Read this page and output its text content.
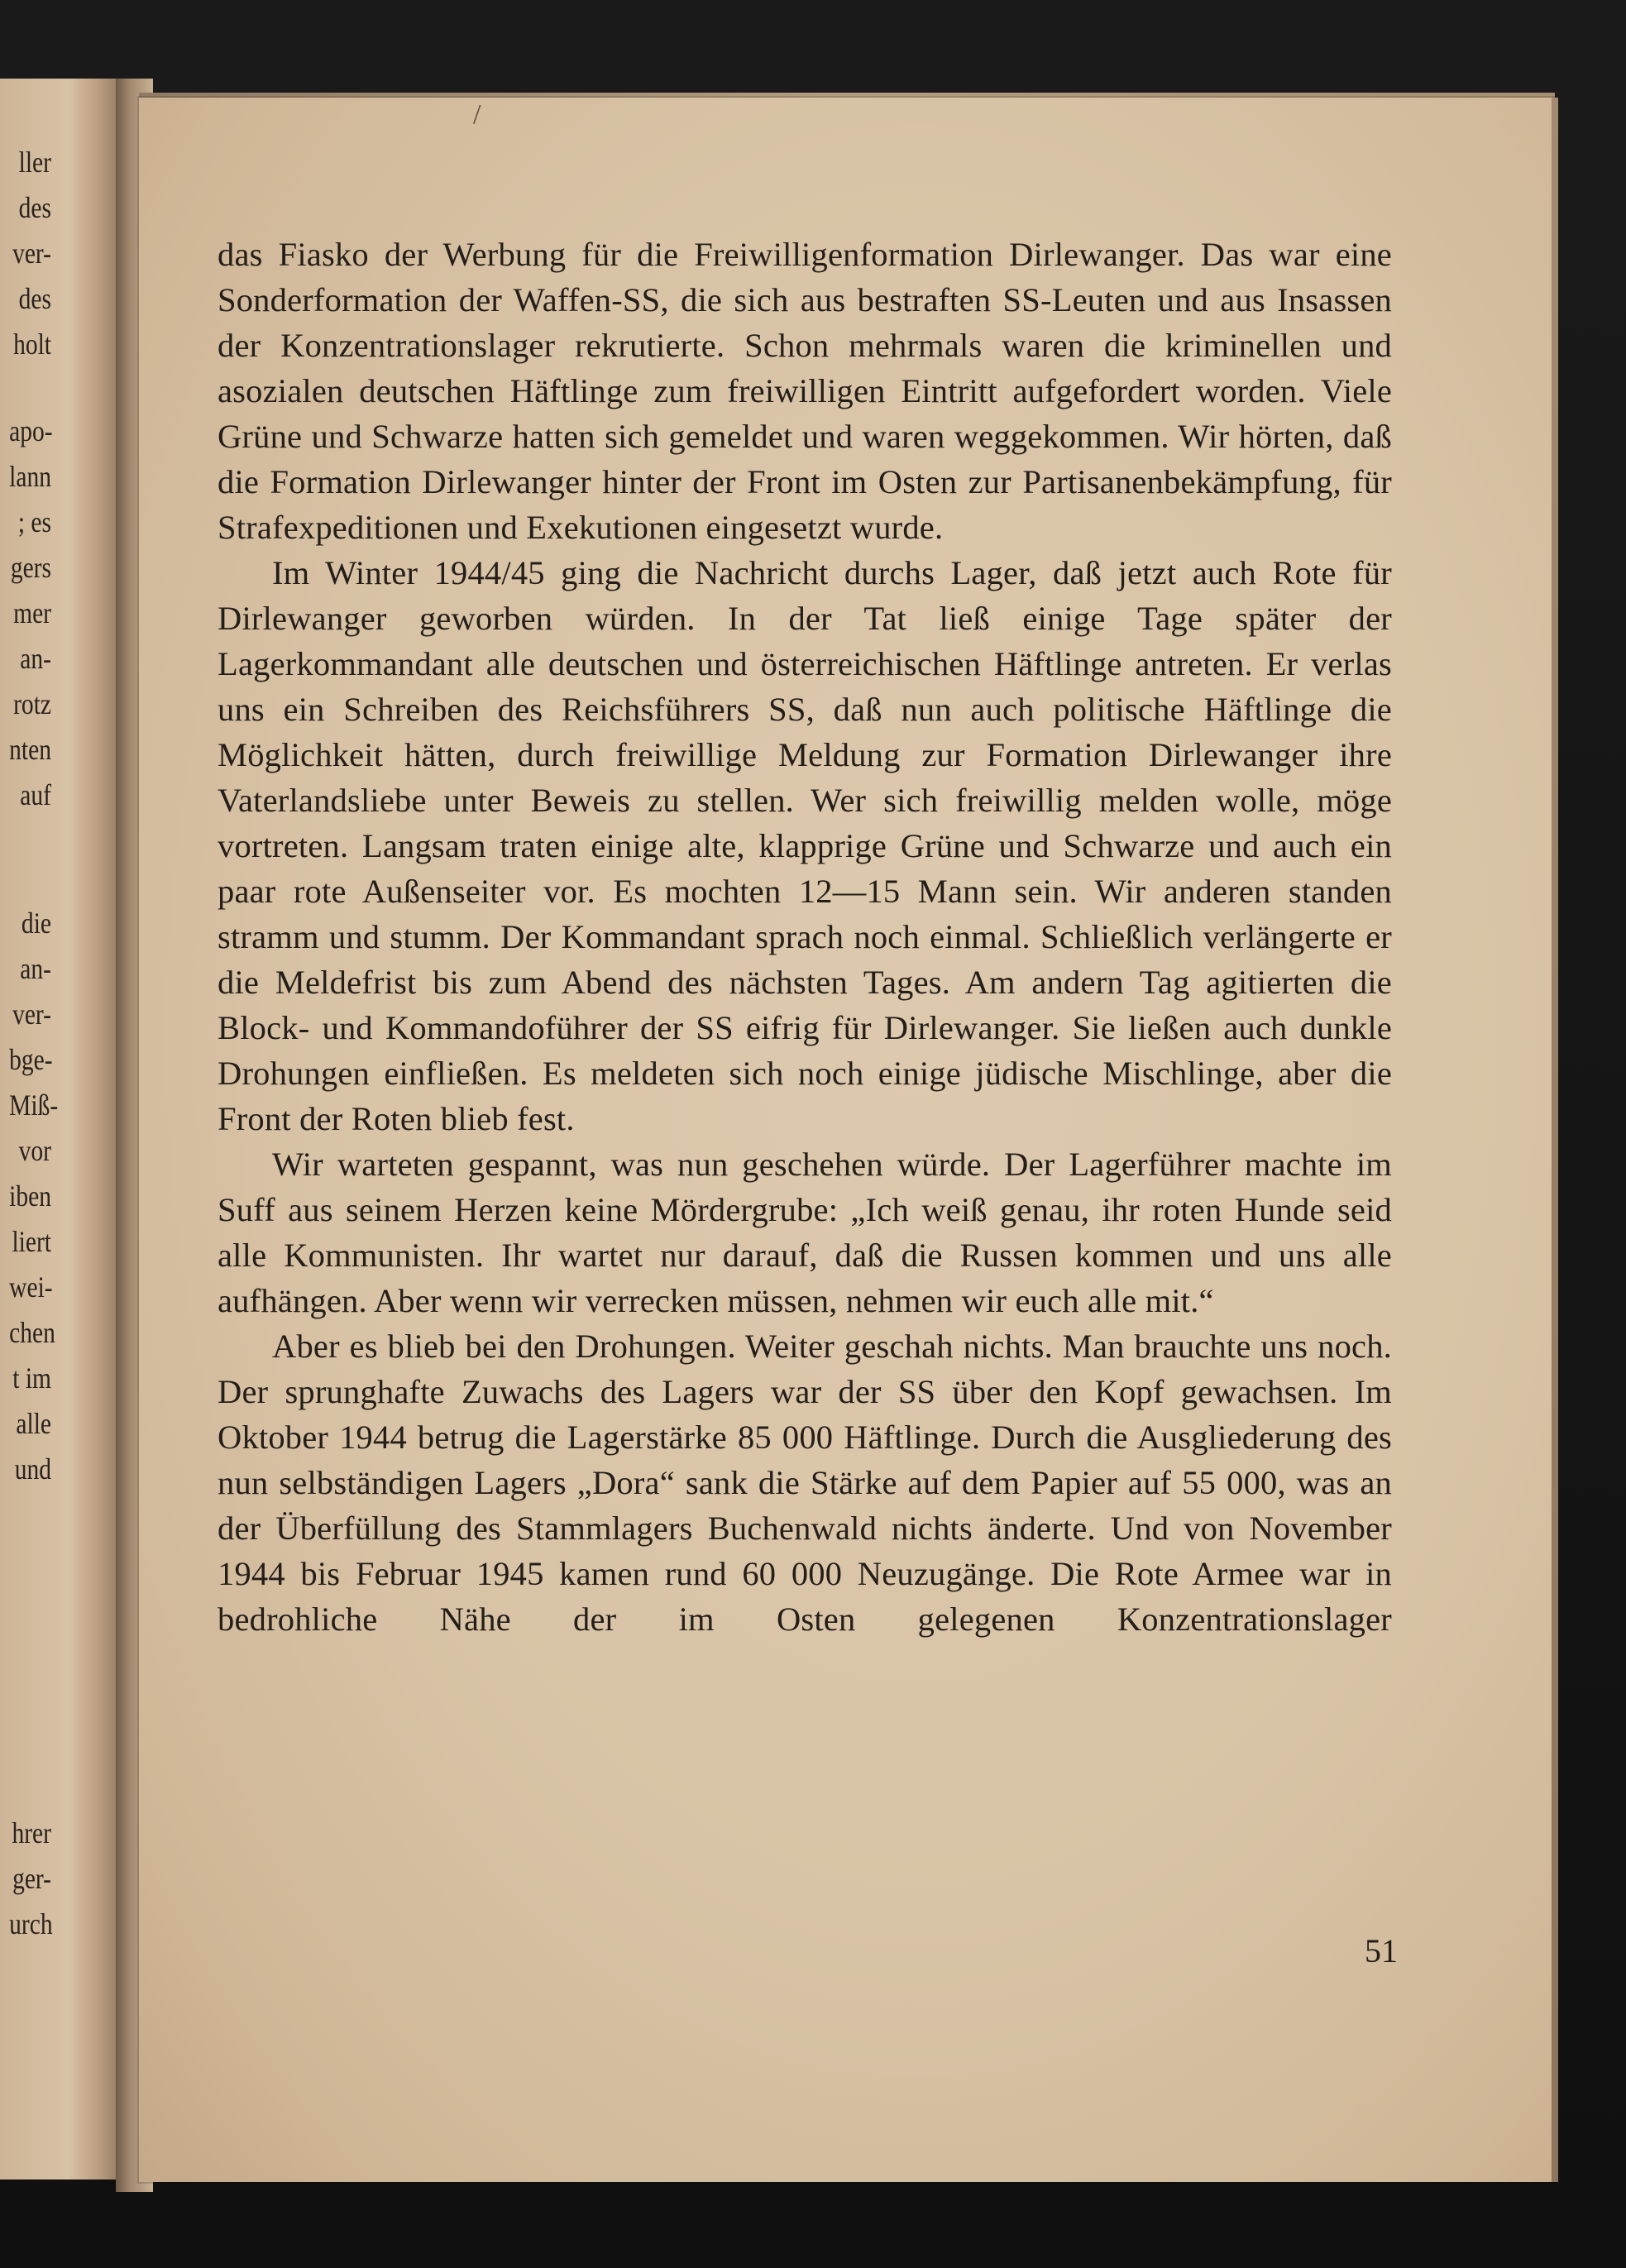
ller
des
ver-
des
holt
apo-
lann
; es
gers
mer
an-
rotz
nten
auf
die
an-
ver-
bge-
Miß-
vor
iben
liert
wei-
chen
t im
alle
und
hrer
ger-
urch
/

das Fiasko der Werbung für die Freiwilligenformation Dirlewanger. Das war eine Sonderformation der Waffen-SS, die sich aus bestraften SS-Leuten und aus Insassen der Konzentrationslager rekrutierte. Schon mehrmals waren die kriminellen und asozialen deutschen Häftlinge zum freiwilligen Eintritt aufgefordert worden. Viele Grüne und Schwarze hatten sich gemeldet und waren weggekommen. Wir hörten, daß die Formation Dirlewanger hinter der Front im Osten zur Partisanenbekämpfung, für Strafexpeditionen und Exekutionen eingesetzt wurde.

Im Winter 1944/45 ging die Nachricht durchs Lager, daß jetzt auch Rote für Dirlewanger geworben würden. In der Tat ließ einige Tage später der Lagerkommandant alle deutschen und österreichischen Häftlinge antreten. Er verlas uns ein Schreiben des Reichsführers SS, daß nun auch politische Häftlinge die Möglichkeit hätten, durch freiwillige Meldung zur Formation Dirlewanger ihre Vaterlandsliebe unter Beweis zu stellen. Wer sich freiwillig melden wolle, möge vortreten. Langsam traten einige alte, klapprige Grüne und Schwarze und auch ein paar rote Außenseiter vor. Es mochten 12—15 Mann sein. Wir anderen standen stramm und stumm. Der Kommandant sprach noch einmal. Schließlich verlängerte er die Meldefrist bis zum Abend des nächsten Tages. Am andern Tag agitierten die Block- und Kommandoführer der SS eifrig für Dirlewanger. Sie ließen auch dunkle Drohungen einfließen. Es meldeten sich noch einige jüdische Mischlinge, aber die Front der Roten blieb fest.

Wir warteten gespannt, was nun geschehen würde. Der Lagerführer machte im Suff aus seinem Herzen keine Mördergrube: „Ich weiß genau, ihr roten Hunde seid alle Kommunisten. Ihr wartet nur darauf, daß die Russen kommen und uns alle aufhängen. Aber wenn wir verrecken müssen, nehmen wir euch alle mit.“

Aber es blieb bei den Drohungen. Weiter geschah nichts. Man brauchte uns noch. Der sprunghafte Zuwachs des Lagers war der SS über den Kopf gewachsen. Im Oktober 1944 betrug die Lagerstärke 85 000 Häftlinge. Durch die Ausgliederung des nun selbständigen Lagers „Dora“ sank die Stärke auf dem Papier auf 55 000, was an der Überfüllung des Stammlagers Buchenwald nichts änderte. Und von November 1944 bis Februar 1945 kamen rund 60 000 Neuzugänge. Die Rote Armee war in bedrohliche Nähe der im Osten gelegenen Konzentrationslager

51
